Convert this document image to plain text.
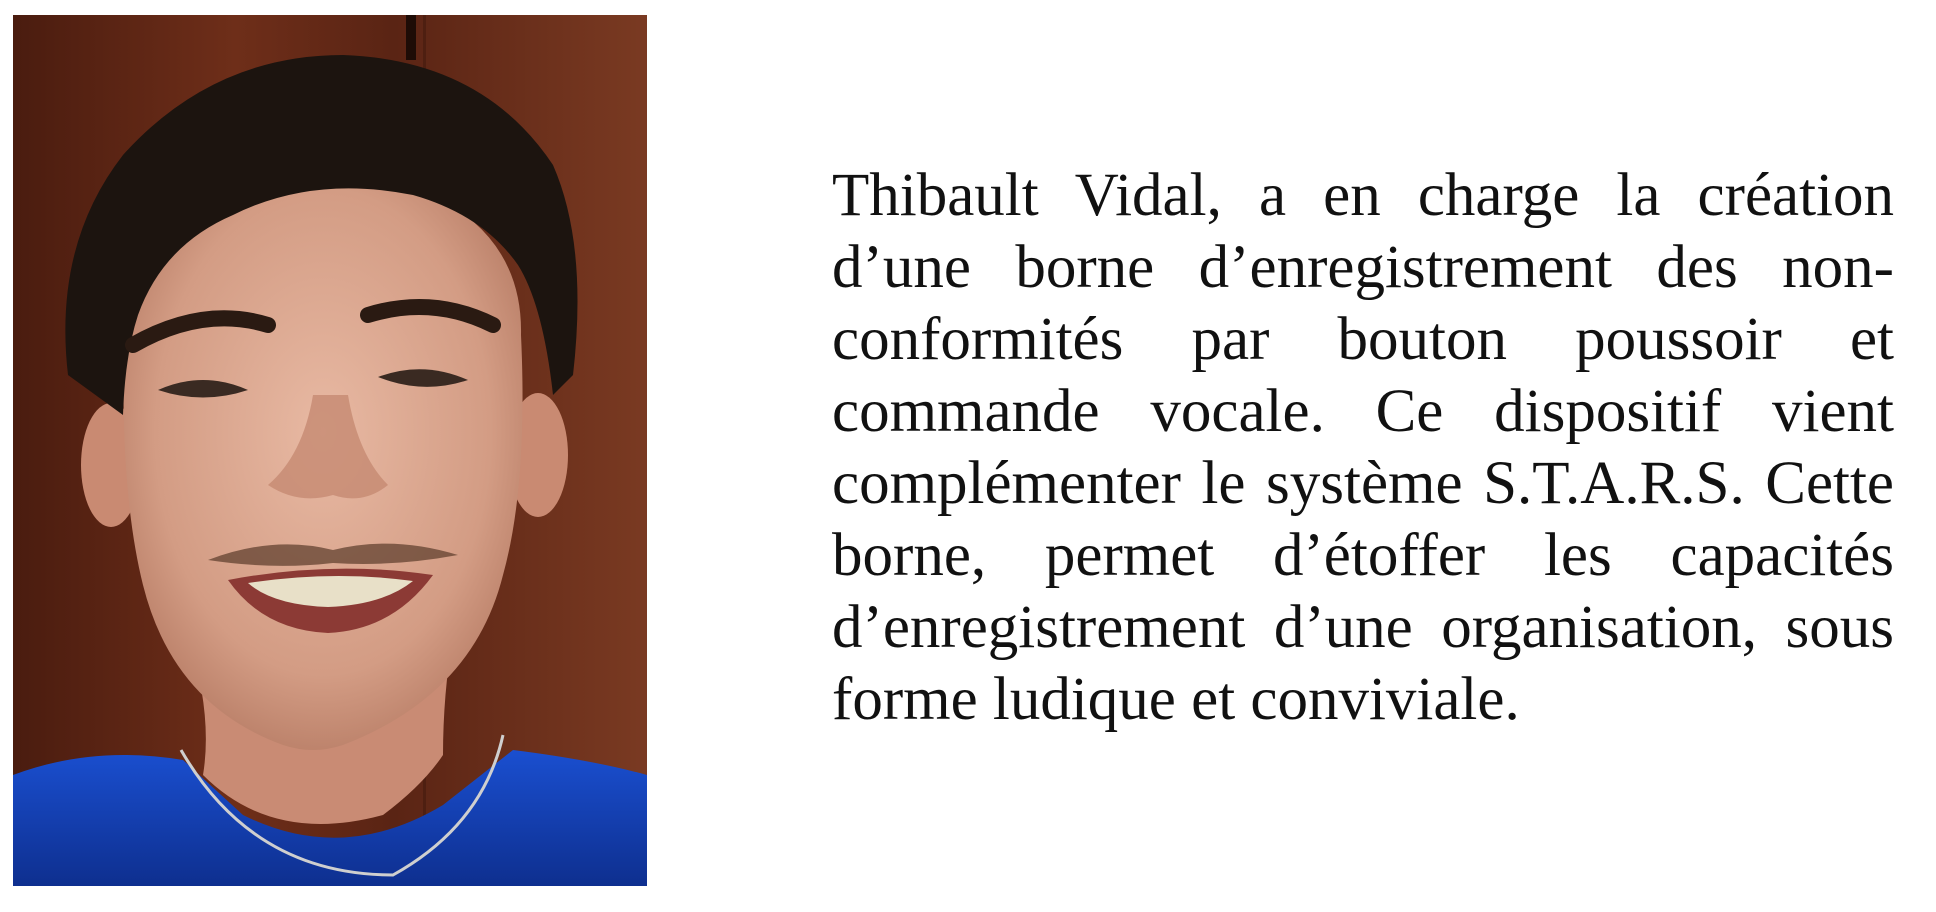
Thibault Vidal, a en charge la création d’une borne d’enregistrement des non-conformités par bouton poussoir et commande vocale. Ce dispositif vient complémenter le système S.T.A.R.S. Cette borne, permet d’étoffer les capacités d’enregistrement d’une organisation, sous forme ludique et conviviale.
